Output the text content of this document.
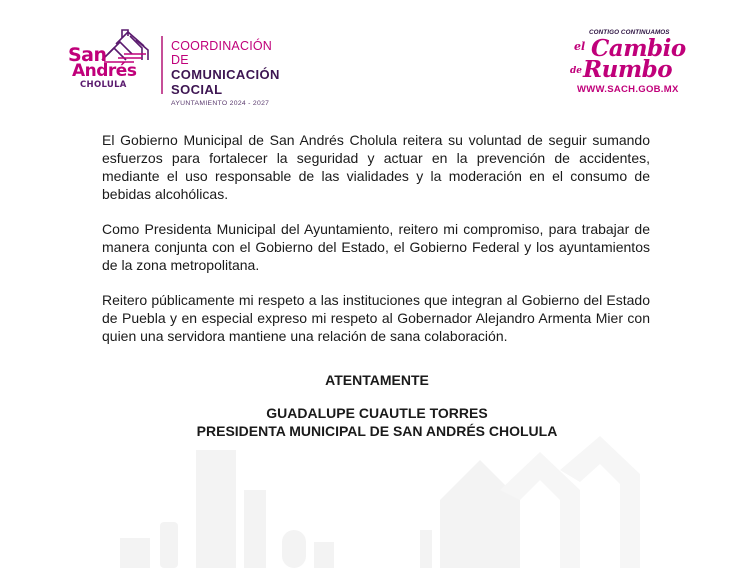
San
Andrés
CHOLULA
COORDINACIÓN DE
COMUNICACIÓN
SOCIAL
AYUNTAMIENTO 2024 - 2027
CONTIGO CONTINUAMOS
el Cambio
de Rumbo
WWW.SACH.GOB.MX

El Gobierno Municipal de San Andrés Cholula reitera su voluntad de seguir sumando esfuerzos para fortalecer la seguridad y actuar en la prevención de accidentes, mediante el uso responsable de las vialidades y la moderación en el consumo de bebidas alcohólicas.

Como Presidenta Municipal del Ayuntamiento, reitero mi compromiso, para trabajar de manera conjunta con el Gobierno del Estado, el Gobierno Federal y los ayuntamientos de la zona metropolitana.

Reitero públicamente mi respeto a las instituciones que integran al Gobierno del Estado de Puebla y en especial expreso mi respeto al Gobernador Alejandro Armenta Mier con quien una servidora mantiene una relación de sana colaboración.

ATENTAMENTE
GUADALUPE CUAUTLE TORRES
PRESIDENTA MUNICIPAL DE SAN ANDRÉS CHOLULA
